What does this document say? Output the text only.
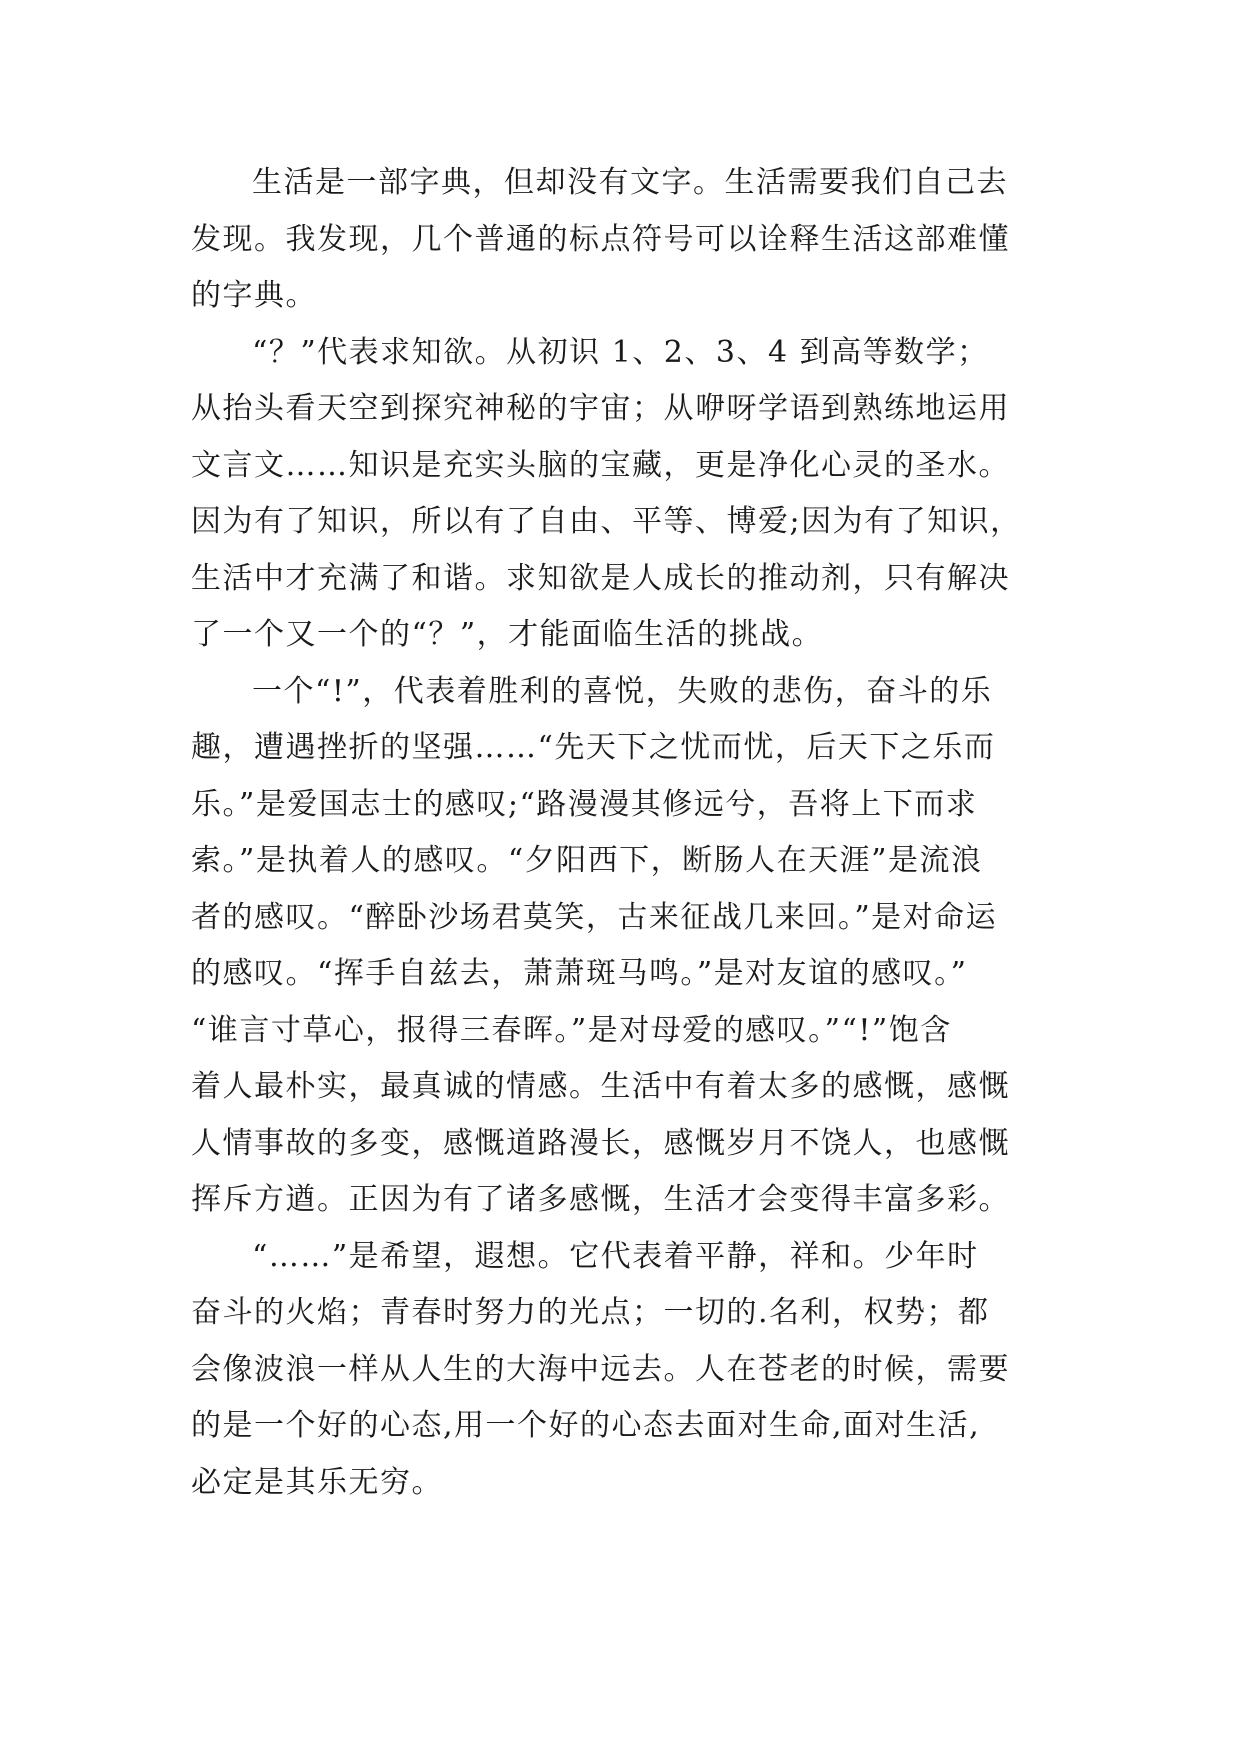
生活是一部字典，但却没有文字。生活需要我们自己去
发现。我发现，几个普通的标点符号可以诠释生活这部难懂
的字典。
“？”代表求知欲。从初识 1、2、3、4 到高等数学；
从抬头看天空到探究神秘的宇宙；从咿呀学语到熟练地运用
文言文……知识是充实头脑的宝藏，更是净化心灵的圣水。
因为有了知识，所以有了自由、平等、博爱;因为有了知识，
生活中才充满了和谐。求知欲是人成长的推动剂，只有解决
了一个又一个的“？”，才能面临生活的挑战。
一个“!”，代表着胜利的喜悦，失败的悲伤，奋斗的乐
趣，遭遇挫折的坚强……“先天下之忧而忧，后天下之乐而
乐。”是爱国志士的感叹;“路漫漫其修远兮，吾将上下而求
索。”是执着人的感叹。“夕阳西下，断肠人在天涯”是流浪
者的感叹。“醉卧沙场君莫笑，古来征战几来回。”是对命运
的感叹。“挥手自兹去，萧萧斑马鸣。”是对友谊的感叹。”
“谁言寸草心，报得三春晖。”是对母爱的感叹。”“!”饱含
着人最朴实，最真诚的情感。生活中有着太多的感慨，感慨
人情事故的多变，感慨道路漫长，感慨岁月不饶人，也感慨
挥斥方遒。正因为有了诸多感慨，生活才会变得丰富多彩。
“……”是希望，遐想。它代表着平静，祥和。少年时
奋斗的火焰；青春时努力的光点；一切的.名利，权势；都
会像波浪一样从人生的大海中远去。人在苍老的时候，需要
的是一个好的心态,用一个好的心态去面对生命,面对生活,
必定是其乐无穷。
